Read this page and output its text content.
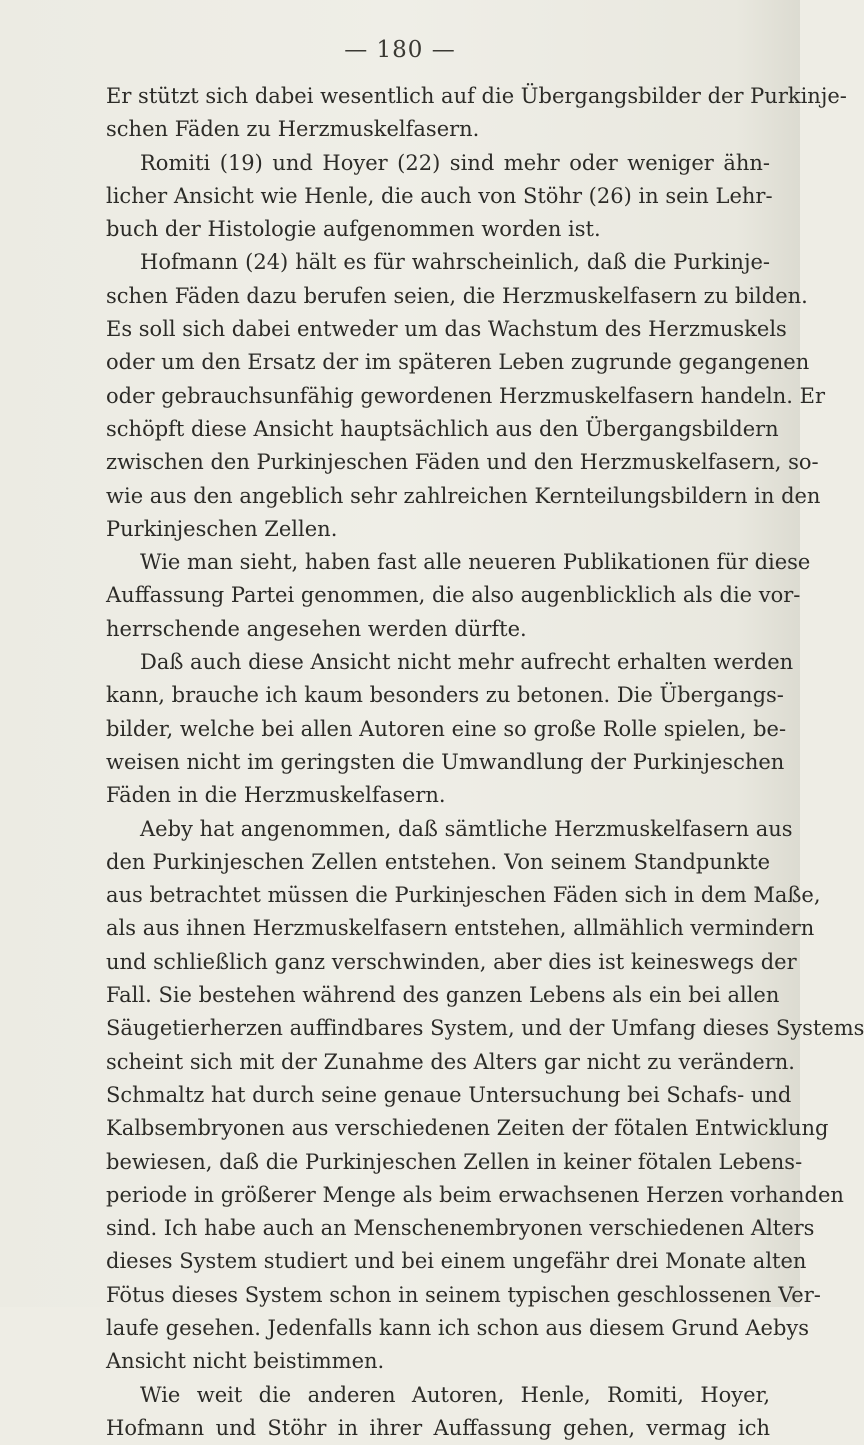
— 180 —
Er stützt sich dabei wesentlich auf die Übergangsbilder der Purkinje-
schen Fäden zu Herzmuskelfasern.
Romiti (19) und Hoyer (22) sind mehr oder weniger ähn-
licher Ansicht wie Henle, die auch von Stöhr (26) in sein Lehr-
buch der Histologie aufgenommen worden ist.
Hofmann (24) hält es für wahrscheinlich, daß die Purkinje-
schen Fäden dazu berufen seien, die Herzmuskelfasern zu bilden.
Es soll sich dabei entweder um das Wachstum des Herzmuskels
oder um den Ersatz der im späteren Leben zugrunde gegangenen
oder gebrauchsunfähig gewordenen Herzmuskelfasern handeln. Er
schöpft diese Ansicht hauptsächlich aus den Übergangsbildern
zwischen den Purkinjeschen Fäden und den Herzmuskelfasern, so-
wie aus den angeblich sehr zahlreichen Kernteilungsbildern in den
Purkinjeschen Zellen.
Wie man sieht, haben fast alle neueren Publikationen für diese
Auffassung Partei genommen, die also augenblicklich als die vor-
herrschende angesehen werden dürfte.
Daß auch diese Ansicht nicht mehr aufrecht erhalten werden
kann, brauche ich kaum besonders zu betonen. Die Übergangs-
bilder, welche bei allen Autoren eine so große Rolle spielen, be-
weisen nicht im geringsten die Umwandlung der Purkinjeschen
Fäden in die Herzmuskelfasern.
Aeby hat angenommen, daß sämtliche Herzmuskelfasern aus
den Purkinjeschen Zellen entstehen. Von seinem Standpunkte
aus betrachtet müssen die Purkinjeschen Fäden sich in dem Maße,
als aus ihnen Herzmuskelfasern entstehen, allmählich vermindern
und schließlich ganz verschwinden, aber dies ist keineswegs der
Fall. Sie bestehen während des ganzen Lebens als ein bei allen
Säugetierherzen auffindbares System, und der Umfang dieses Systems
scheint sich mit der Zunahme des Alters gar nicht zu verändern.
Schmaltz hat durch seine genaue Untersuchung bei Schafs- und
Kalbsembryonen aus verschiedenen Zeiten der fötalen Entwicklung
bewiesen, daß die Purkinjeschen Zellen in keiner fötalen Lebens-
periode in größerer Menge als beim erwachsenen Herzen vorhanden
sind. Ich habe auch an Menschenembryonen verschiedenen Alters
dieses System studiert und bei einem ungefähr drei Monate alten
Fötus dieses System schon in seinem typischen geschlossenen Ver-
laufe gesehen. Jedenfalls kann ich schon aus diesem Grund Aebys
Ansicht nicht beistimmen.
Wie weit die anderen Autoren, Henle, Romiti, Hoyer,
Hofmann und Stöhr in ihrer Auffassung gehen, vermag ich
